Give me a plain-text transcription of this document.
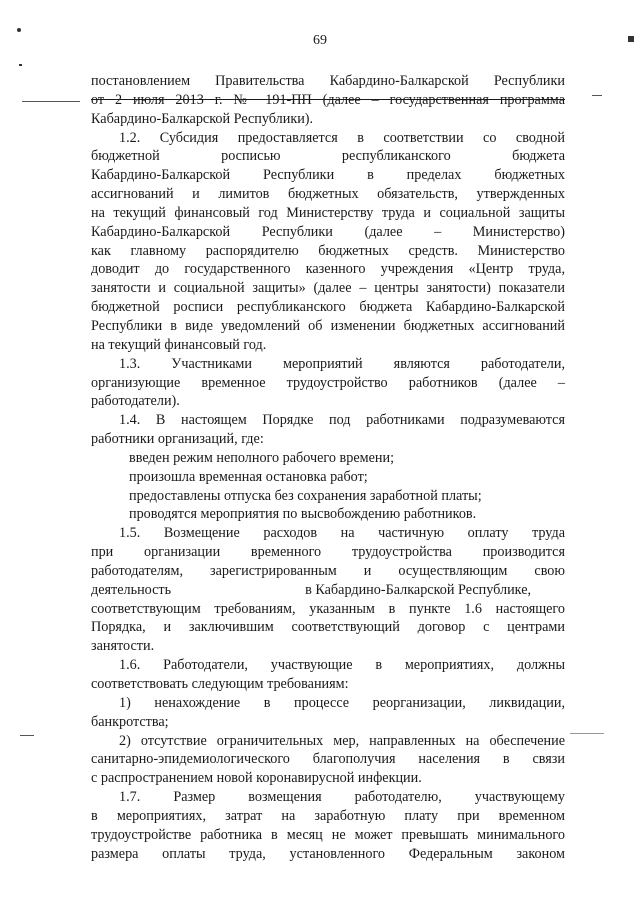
69
постановлением Правительства Кабардино-Балкарской Республики
от 2 июля 2013 г. № 191-ПП (далее – государственная программа
Кабардино-Балкарской Республики).
1.2. Субсидия предоставляется в соответствии со сводной
бюджетной росписью республиканского бюджета
Кабардино-Балкарской Республики в пределах бюджетных
ассигнований и лимитов бюджетных обязательств, утвержденных
на текущий финансовый год Министерству труда и социальной защиты
Кабардино-Балкарской Республики (далее – Министерство)
как главному распорядителю бюджетных средств. Министерство
доводит до государственного казенного учреждения «Центр труда,
занятости и социальной защиты» (далее – центры занятости) показатели
бюджетной росписи республиканского бюджета Кабардино-Балкарской
Республики в виде уведомлений об изменении бюджетных ассигнований
на текущий финансовый год.
1.3. Участниками мероприятий являются работодатели,
организующие временное трудоустройство работников (далее –
работодатели).
1.4. В настоящем Порядке под работниками подразумеваются
работники организаций, где:
введен режим неполного рабочего времени;
произошла временная остановка работ;
предоставлены отпуска без сохранения заработной платы;
проводятся мероприятия по высвобождению работников.
1.5. Возмещение расходов на частичную оплату труда
при организации временного трудоустройства производится
работодателям, зарегистрированным и осуществляющим свою
деятельность	в Кабардино-Балкарской Республике,
соответствующим требованиям, указанным в пункте 1.6 настоящего
Порядка, и заключившим соответствующий договор с центрами
занятости.
1.6. Работодатели, участвующие в мероприятиях, должны
соответствовать следующим требованиям:
1) ненахождение в процессе реорганизации, ликвидации,
банкротства;
2) отсутствие ограничительных мер, направленных на обеспечение
санитарно-эпидемиологического благополучия населения в связи
с распространением новой коронавирусной инфекции.
1.7. Размер возмещения работодателю, участвующему
в мероприятиях, затрат на заработную плату при временном
трудоустройстве работника в месяц не может превышать минимального
размера оплаты труда, установленного Федеральным законом
